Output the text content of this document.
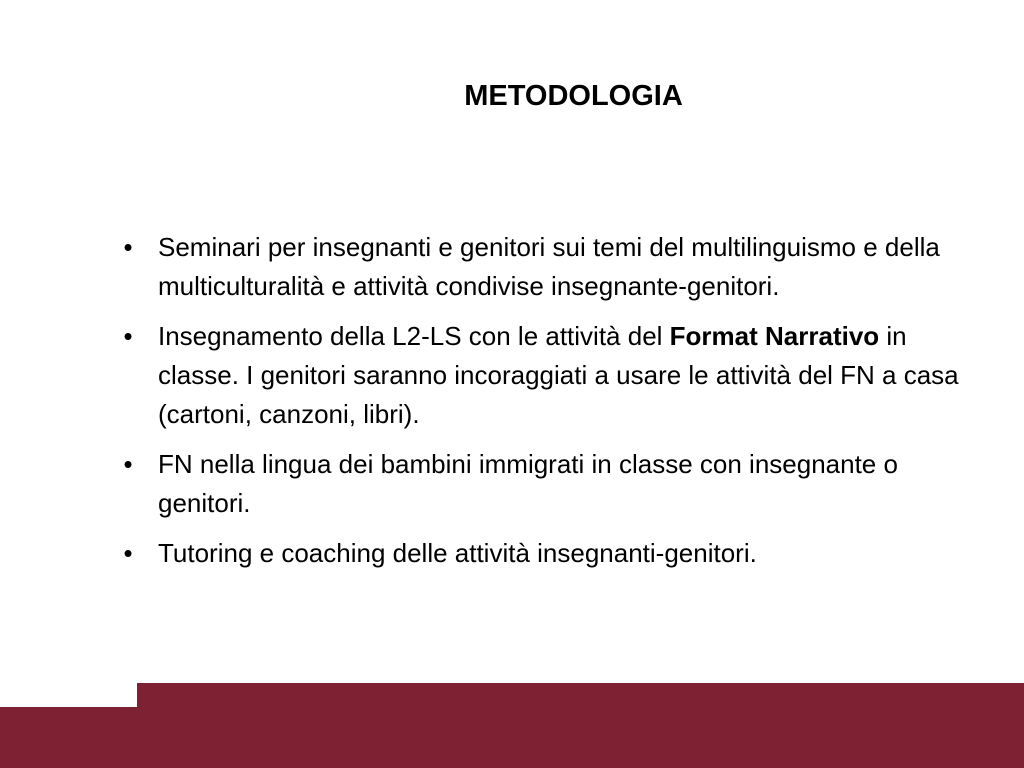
METODOLOGIA
• Seminari per insegnanti e genitori sui temi del multilinguismo e della multiculturalità e attività condivise insegnante-genitori.
• Insegnamento della L2-LS con le attività del Format Narrativo in classe. I genitori saranno incoraggiati a usare le attività del FN a casa (cartoni, canzoni, libri).
• FN nella lingua dei bambini immigrati in classe con insegnante o genitori.
• Tutoring e coaching delle attività insegnanti-genitori.
